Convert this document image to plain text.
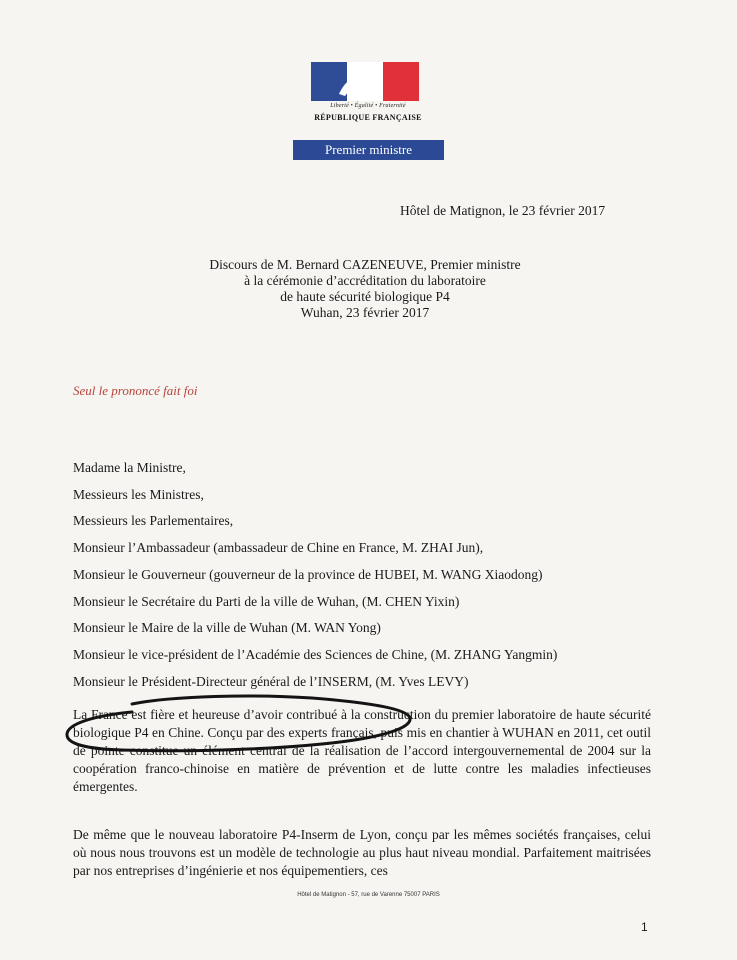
Liberté • Égalité • Fraternité
RÉPUBLIQUE FRANÇAISE
Premier ministre
Hôtel de Matignon, le 23 février 2017
Discours de M. Bernard CAZENEUVE, Premier ministre
à la cérémonie d’accréditation du laboratoire
de haute sécurité biologique P4
Wuhan, 23 février 2017
Seul le prononcé fait foi
Madame la Ministre,
Messieurs les Ministres,
Messieurs les Parlementaires,
Monsieur l’Ambassadeur (ambassadeur de Chine en France, M. ZHAI Jun),
Monsieur le Gouverneur (gouverneur de la province de HUBEI, M. WANG Xiaodong)
Monsieur le Secrétaire du Parti de la ville de Wuhan, (M. CHEN Yixin)
Monsieur le Maire de la ville de Wuhan (M. WAN Yong)
Monsieur le vice-président de l’Académie des Sciences de Chine, (M. ZHANG Yangmin)
Monsieur le Président-Directeur général de l’INSERM, (M. Yves LEVY)
La France est fière et heureuse d’avoir contribué à la construction du premier laboratoire de haute sécurité biologique P4 en Chine. Conçu par des experts français, puis mis en chantier à WUHAN en 2011, cet outil de pointe constitue un élément central de la réalisation de l’accord intergouvernemental de 2004 sur la coopération franco-chinoise en matière de prévention et de lutte contre les maladies infectieuses émergentes.
De même que le nouveau laboratoire P4-Inserm de Lyon, conçu par les mêmes sociétés françaises, celui où nous nous trouvons est un modèle de technologie au plus haut niveau mondial. Parfaitement maitrisées par nos entreprises d’ingénierie et nos équipementiers, ces
Hôtel de Matignon - 57, rue de Varenne 75007 PARIS
1
